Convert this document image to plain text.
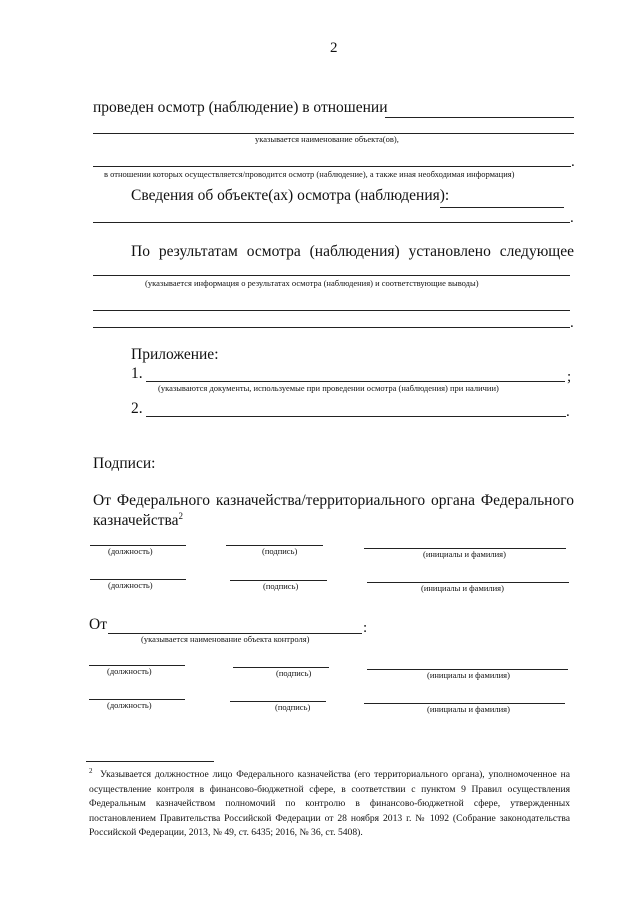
2
проведен осмотр (наблюдение) в отношении
указывается наименование объекта(ов),
.
в отношении которых осуществляется/проводится осмотр (наблюдение), а также иная необходимая информация)
Сведения об объекте(ах) осмотра (наблюдения):
.
По результатам осмотра (наблюдения) установлено следующее
(указывается информация о результатах осмотра (наблюдения) и соответствующие выводы)
.
Приложение:
1.	;
(указываются документы, используемые при проведении осмотра (наблюдения) при наличии)
2.	.
Подписи:
От Федерального казначейства/территориального органа Федерального
казначейства$^2$
(должность)	(подпись)	(инициалы и фамилия)
(должность)	(подпись)	(инициалы и фамилия)
От	:
(указывается наименование объекта контроля)
(должность)	(подпись)	(инициалы и фамилия)
(должность)	(подпись)	(инициалы и фамилия)
$^2$ Указывается должностное лицо Федерального казначейства (его территориального органа), уполномоченное на осуществление контроля в финансово-бюджетной сфере, в соответствии с пунктом 9 Правил осуществления Федеральным казначейством полномочий по контролю в финансово-бюджетной сфере, утвержденных постановлением Правительства Российской Федерации от 28 ноября 2013 г. № 1092 (Собрание законодательства Российской Федерации, 2013, № 49, ст. 6435; 2016, № 36, ст. 5408).
